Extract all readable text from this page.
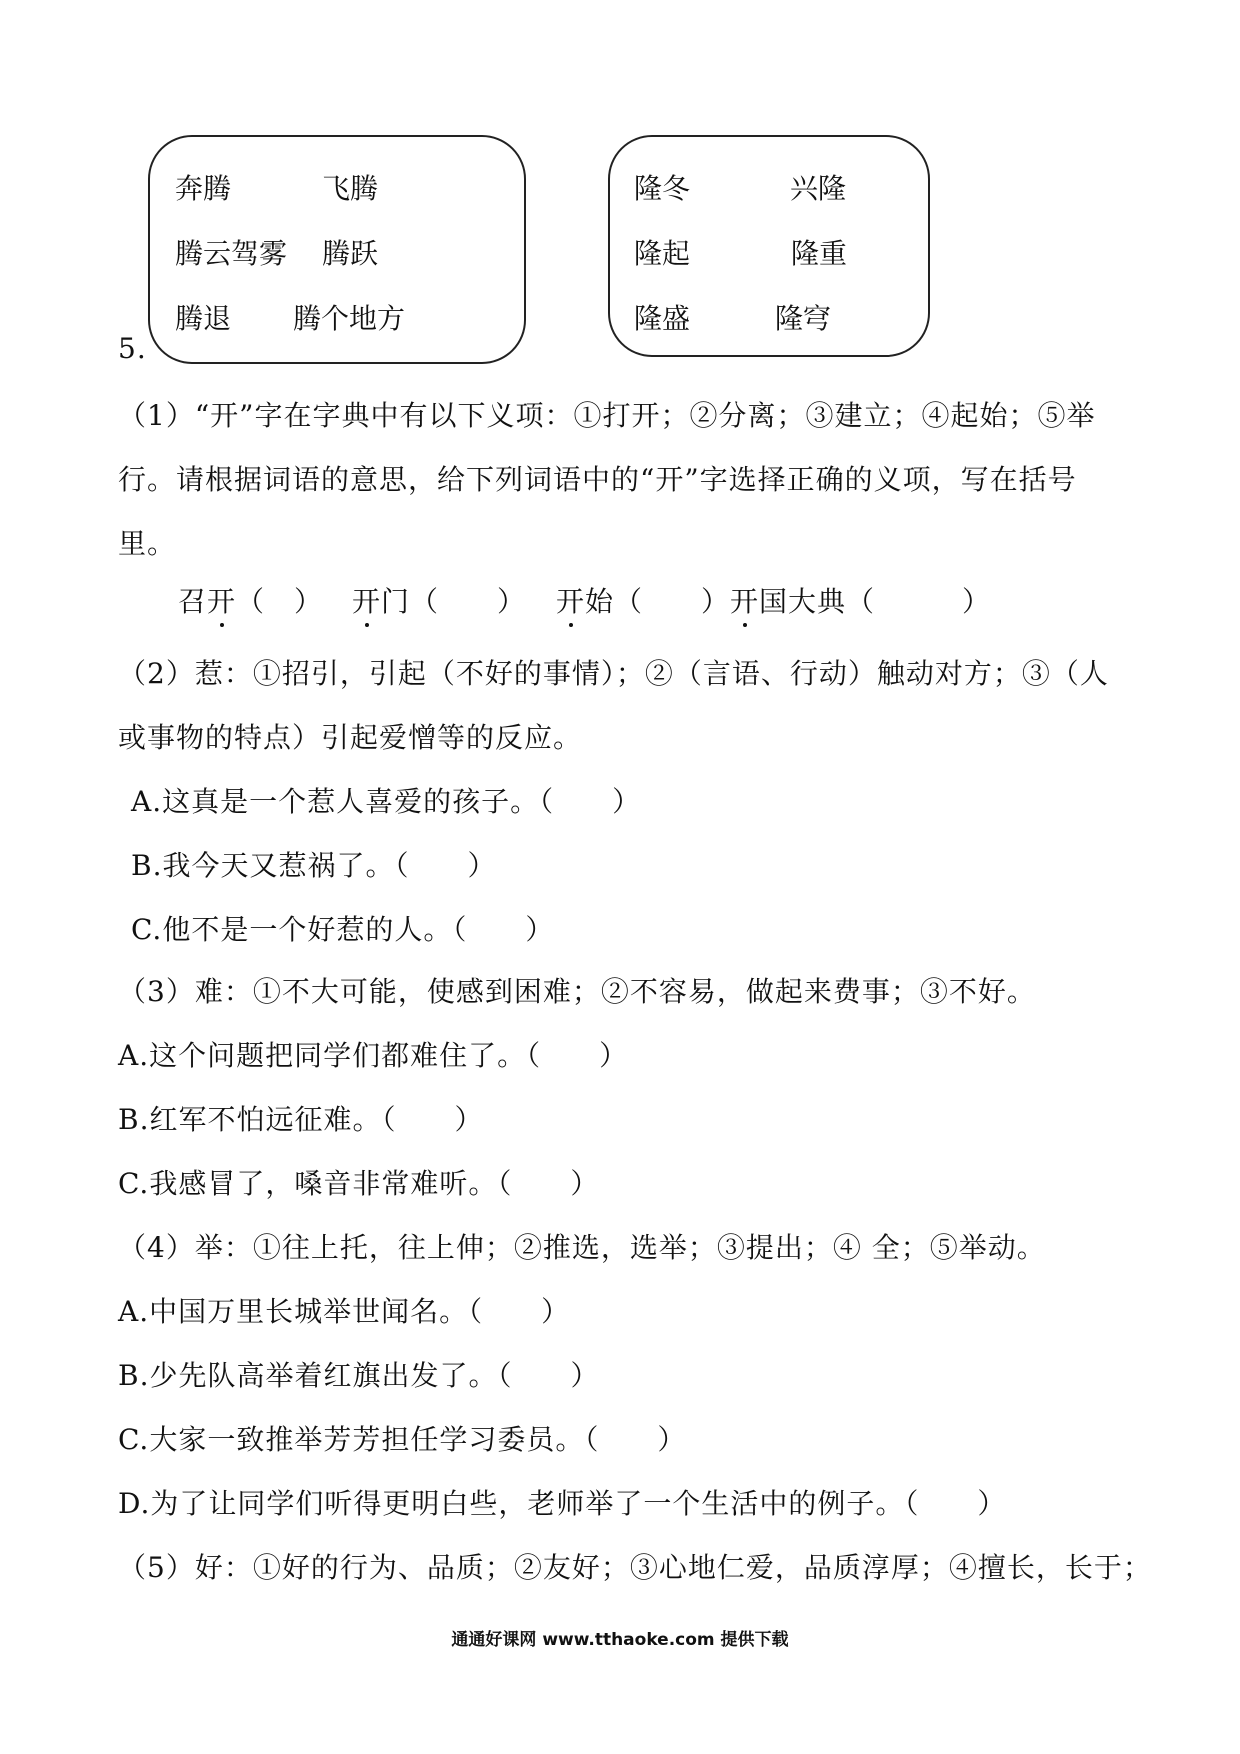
奔腾	飞腾
腾云驾雾 腾跃
腾退 腾个地方
隆冬	兴隆
隆起	隆重
隆盛	隆穹
5.
（1）“开”字在字典中有以下义项：①打开；②分离；③建立；④起始；⑤举
行。请根据词语的意思，给下列词语中的“开”字选择正确的义项，写在括号
里。
召开（　） 开门（　　） 开始（　　） 开国大典（　　　）
（2）惹：①招引，引起（不好的事情）；②（言语、行动）触动对方；③（人
或事物的特点）引起爱憎等的反应。
A.这真是一个惹人喜爱的孩子。（　　）
B.我今天又惹祸了。（　　）
C.他不是一个好惹的人。（　　）
（3）难：①不大可能，使感到困难；②不容易，做起来费事；③不好。
A.这个问题把同学们都难住了。（　　）
B.红军不怕远征难。（　　）
C.我感冒了，嗓音非常难听。（　　）
（4）举：①往上托，往上伸；②推选，选举；③提出；④ 全；⑤举动。
A.中国万里长城举世闻名。（　　）
B.少先队高举着红旗出发了。（　　）
C.大家一致推举芳芳担任学习委员。（　　）
D.为了让同学们听得更明白些，老师举了一个生活中的例子。（　　）
（5）好：①好的行为、品质；②友好；③心地仁爱，品质淳厚；④擅长，长于；
通通好课网 www.tthaoke.com 提供下载
